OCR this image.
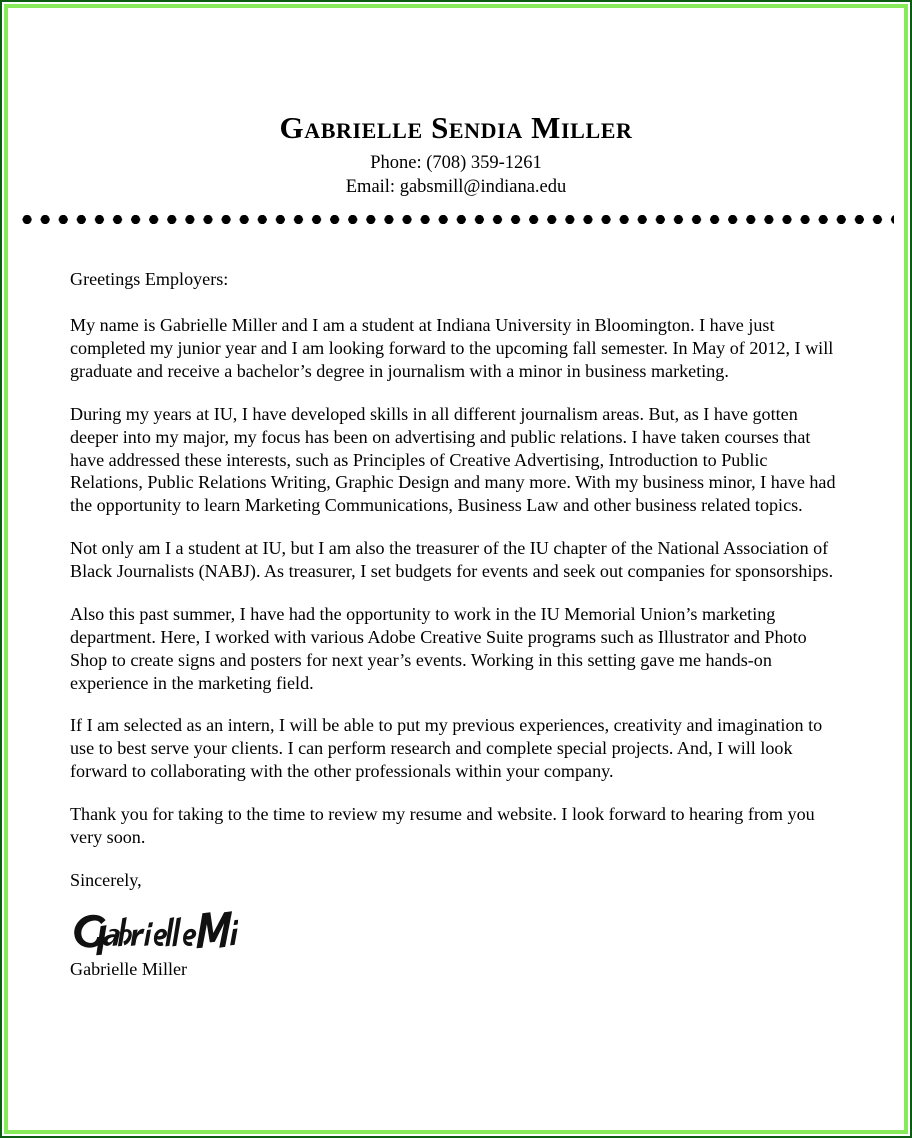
Gabrielle Sendia Miller

Phone: (708) 359-1261

Email: gabsmill@indiana.edu

Greetings Employers:

My name is Gabrielle Miller and I am a student at Indiana University in Bloomington. I have just completed my junior year and I am looking forward to the upcoming fall semester. In May of 2012, I will graduate and receive a bachelor’s degree in journalism with a minor in business marketing.

During my years at IU, I have developed skills in all different journalism areas. But, as I have gotten deeper into my major, my focus has been on advertising and public relations. I have taken courses that have addressed these interests, such as Principles of Creative Advertising, Introduction to Public Relations, Public Relations Writing, Graphic Design and many more. With my business minor, I have had the opportunity to learn Marketing Communications, Business Law and other business related topics.

Not only am I a student at IU, but I am also the treasurer of the IU chapter of the National Association of Black Journalists (NABJ). As treasurer, I set budgets for events and seek out companies for sponsorships.

Also this past summer, I have had the opportunity to work in the IU Memorial Union’s marketing department. Here, I worked with various Adobe Creative Suite programs such as Illustrator and Photo Shop to create signs and posters for next year’s events. Working in this setting gave me hands-on experience in the marketing field.

If I am selected as an intern, I will be able to put my previous experiences, creativity and imagination to use to best serve your clients. I can perform research and complete special projects. And, I will look forward to collaborating with the other professionals within your company.

Thank you for taking to the time to review my resume and website. I look forward to hearing from you very soon.

Sincerely,

Gabrielle Miller
